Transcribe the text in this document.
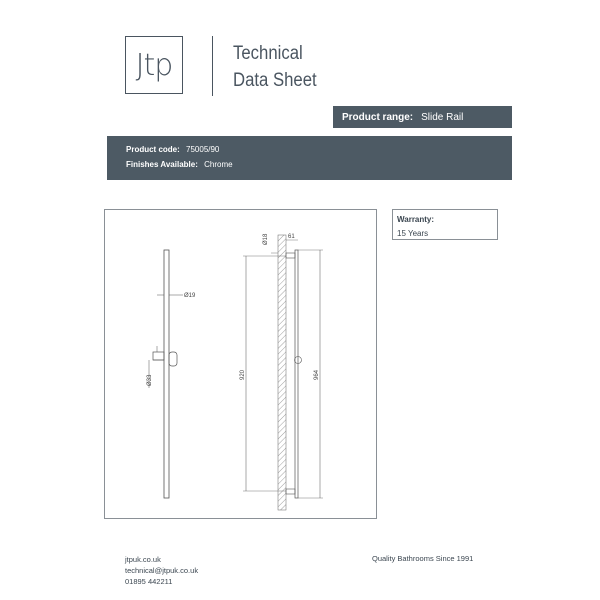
Jtp	Technical
Data Sheet
Product range: Slide Rail
Product code: 75005/90
Finishes Available: Chrome
Ø19
Ø33	920	964
Ø18	61
Warranty:
15 Years
jtpuk.co.uk
technical@jtpuk.co.uk
01895 442211
Quality Bathrooms Since 1991
